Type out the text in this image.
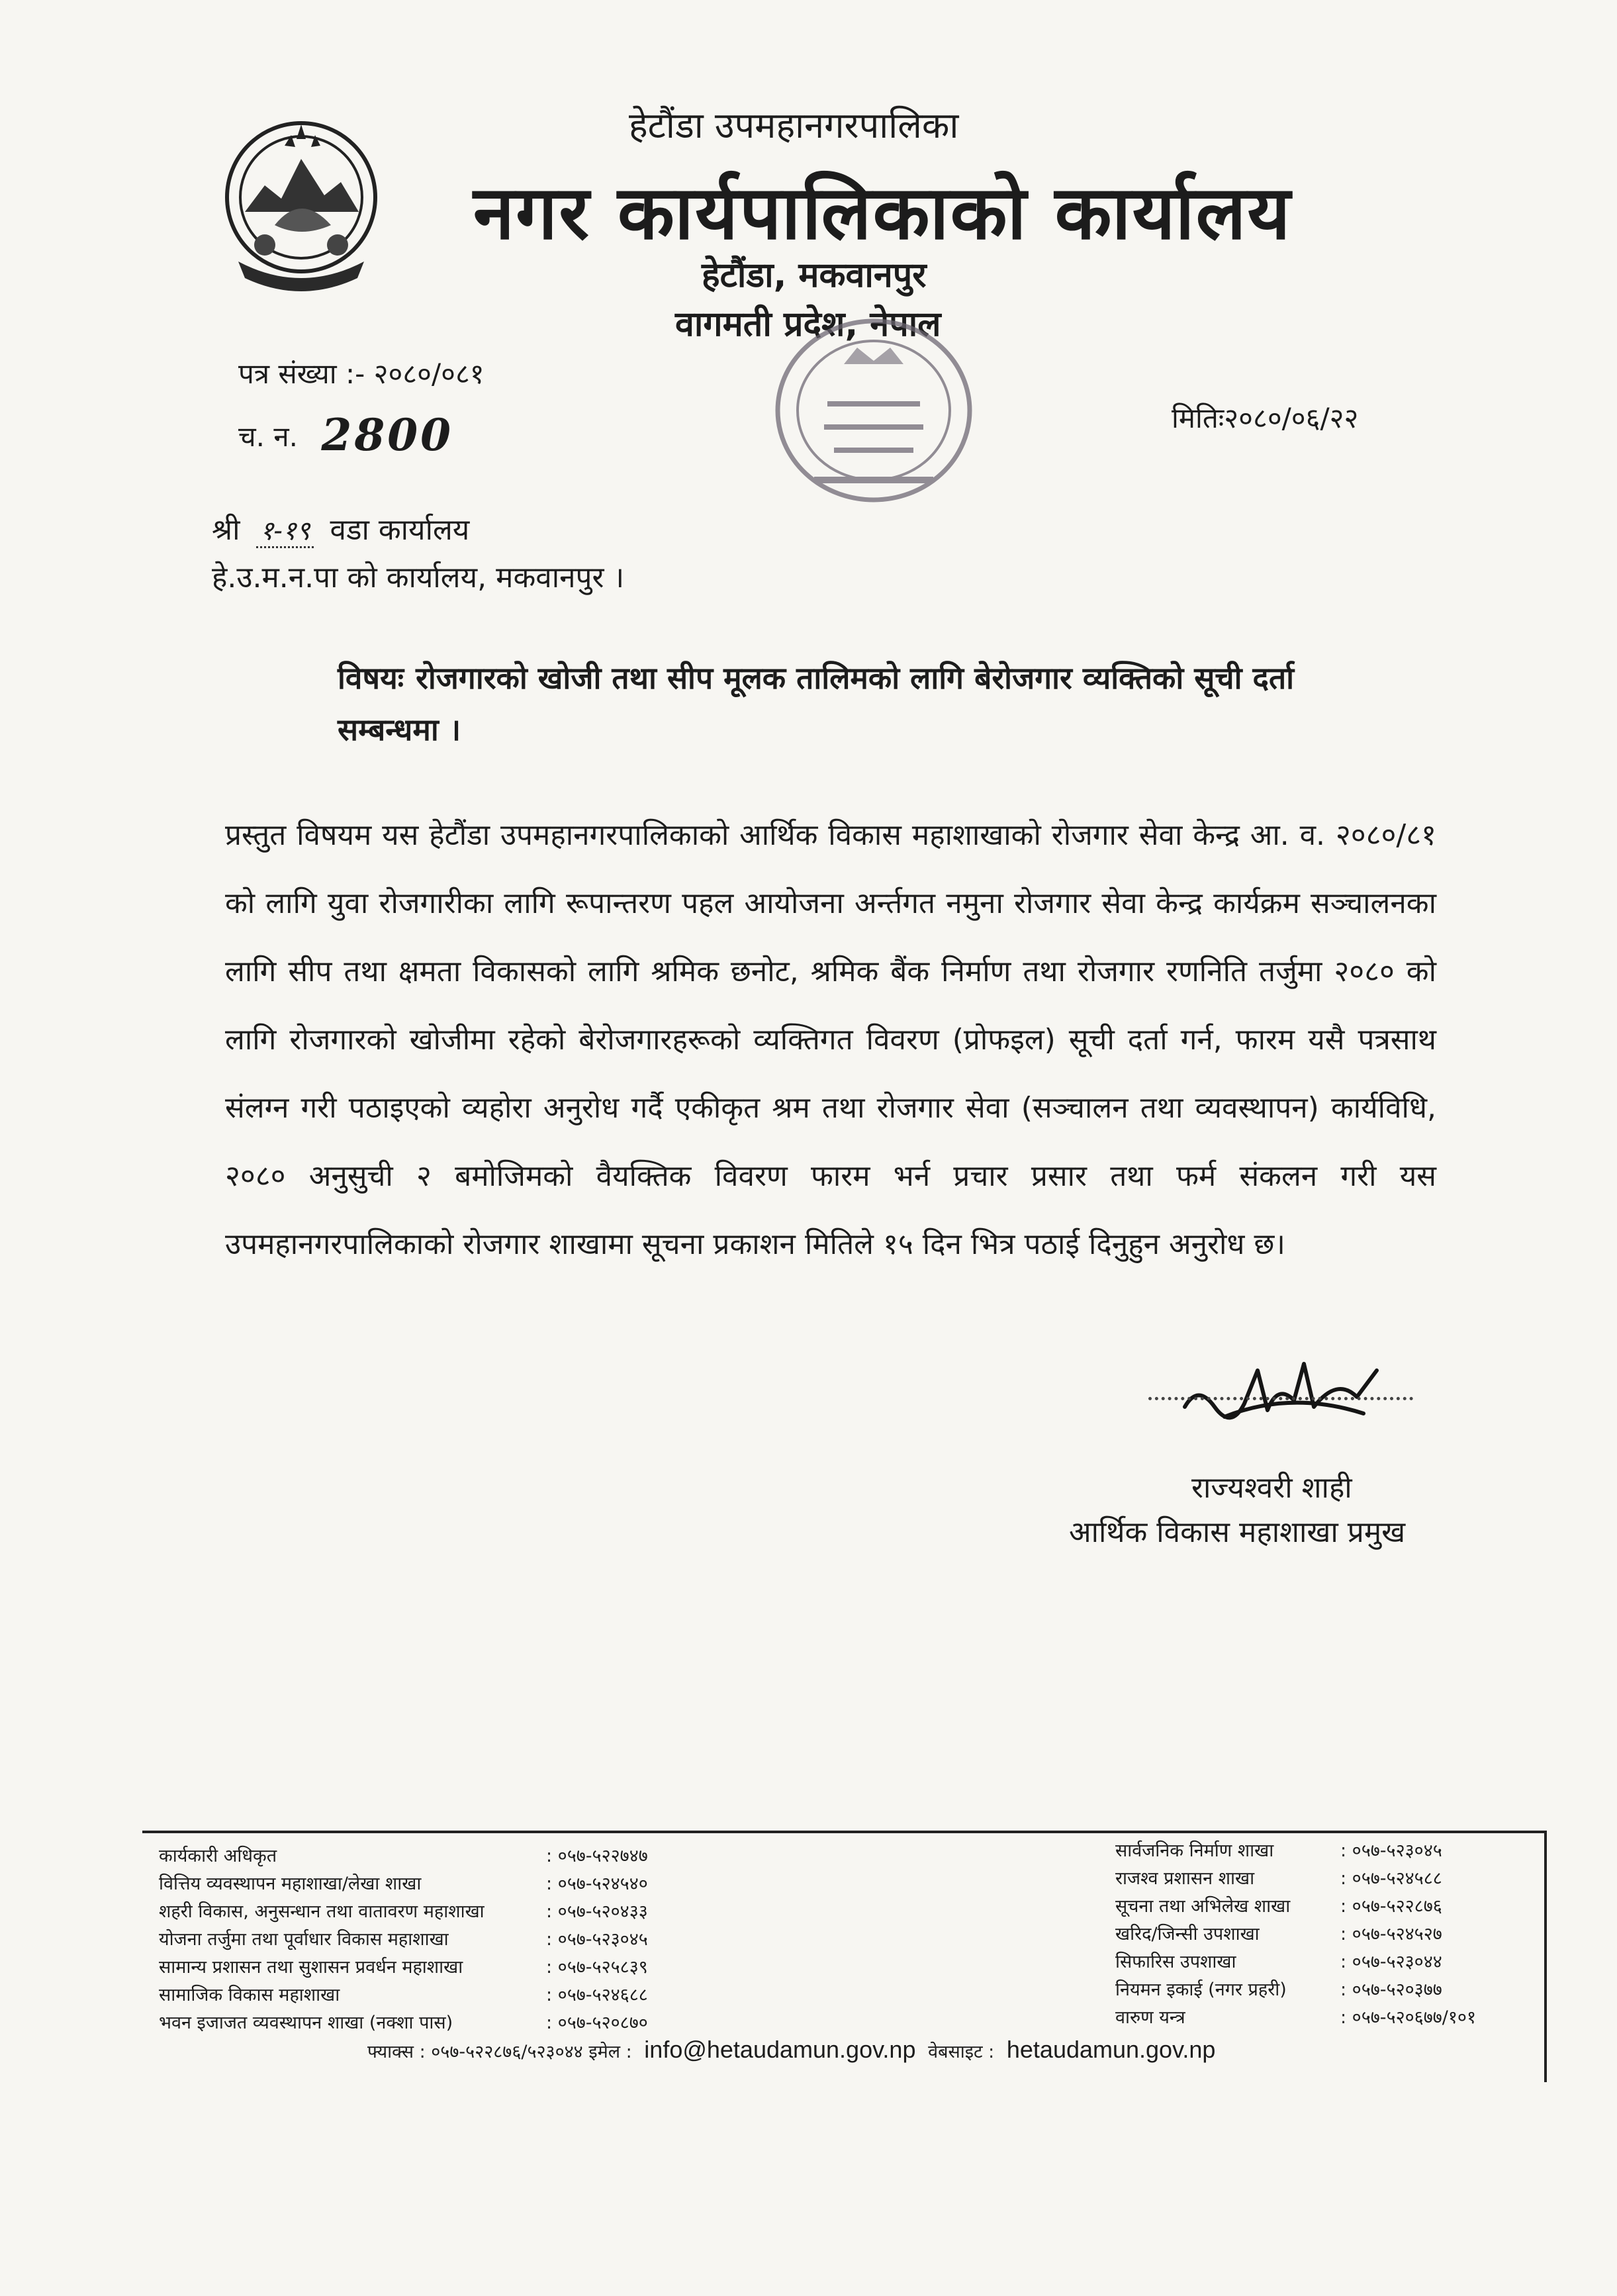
हेटौंडा उपमहानगरपालिका
नगर कार्यपालिकाको कार्यालय
हेटौंडा, मकवानपुर
वागमती प्रदेश, नेपाल
पत्र संख्या :- २०८०/०८१
च. न. 2800	मितिः२०८०/०६/२२
श्री १-१९ वडा कार्यालय
हे.उ.म.न.पा को कार्यालय, मकवानपुर ।
विषयः रोजगारको खोजी तथा सीप मूलक तालिमको लागि बेरोजगार व्यक्तिको सूची दर्ता सम्बन्धमा ।
प्रस्तुत विषयम यस हेटौंडा उपमहानगरपालिकाको आर्थिक विकास महाशाखाको रोजगार सेवा केन्द्र आ. व. २०८०/८१ को लागि युवा रोजगारीका लागि रूपान्तरण पहल आयोजना अर्न्तगत नमुना रोजगार सेवा केन्द्र कार्यक्रम सञ्चालनका लागि सीप तथा क्षमता विकासको लागि श्रमिक छनोट, श्रमिक बैंक निर्माण तथा रोजगार रणनिति तर्जुमा २०८० को लागि रोजगारको खोजीमा रहेको बेरोजगारहरूको व्यक्तिगत विवरण (प्रोफइल) सूची दर्ता गर्न, फारम यसै पत्रसाथ संलग्न गरी पठाइएको व्यहोरा अनुरोध गर्दै एकीकृत श्रम तथा रोजगार सेवा (सञ्चालन तथा व्यवस्थापन) कार्यविधि, २०८० अनुसुची २ बमोजिमको वैयक्तिक विवरण फारम भर्न प्रचार प्रसार तथा फर्म संकलन गरी यस उपमहानगरपालिकाको रोजगार शाखामा सूचना प्रकाशन मितिले १५ दिन भित्र पठाई दिनुहुन अनुरोध छ।
राज्यश्वरी शाही
आर्थिक विकास महाशाखा प्रमुख
कार्यकारी अधिकृत	: ०५७-५२२७४७
वित्तिय व्यवस्थापन महाशाखा/लेखा शाखा	: ०५७-५२४५४०
शहरी विकास, अनुसन्धान तथा वातावरण महाशाखा	: ०५७-५२०४३३
योजना तर्जुमा तथा पूर्वाधार विकास महाशाखा	: ०५७-५२३०४५
सामान्य प्रशासन तथा सुशासन प्रवर्धन महाशाखा	: ०५७-५२५८३९
सामाजिक विकास महाशाखा	: ०५७-५२४६८८
भवन इजाजत व्यवस्थापन शाखा (नक्शा पास)	: ०५७-५२०८७०
सार्वजनिक निर्माण शाखा	: ०५७-५२३०४५
राजश्व प्रशासन शाखा	: ०५७-५२४५८८
सूचना तथा अभिलेख शाखा	: ०५७-५२२८७६
खरिद/जिन्सी उपशाखा	: ०५७-५२४५२७
सिफारिस उपशाखा	: ०५७-५२३०४४
नियमन इकाई (नगर प्रहरी)	: ०५७-५२०३७७
वारुण यन्त्र	: ०५७-५२०६७७/१०१
फ्याक्स : ०५७-५२२८७६/५२३०४४ इमेल : info@hetaudamun.gov.np वेबसाइट : hetaudamun.gov.np
